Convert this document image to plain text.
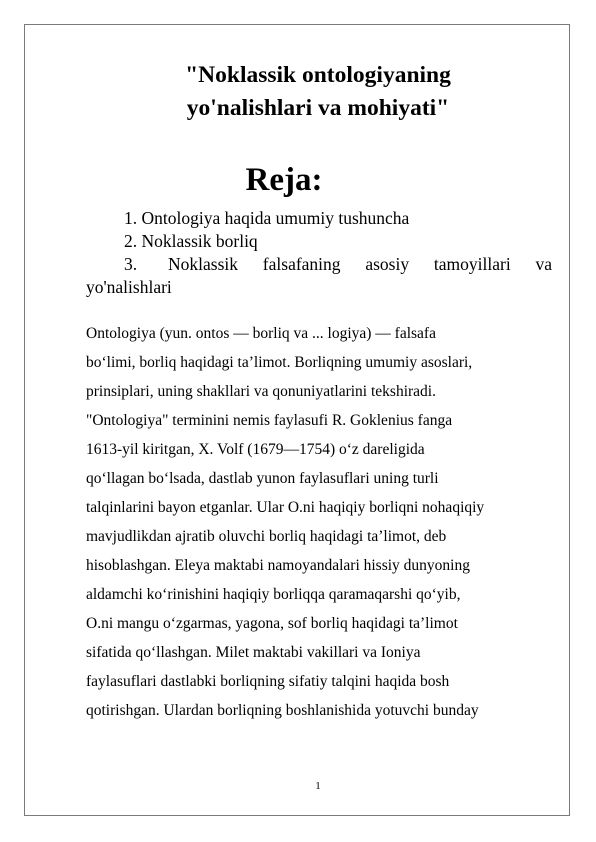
"Noklassik ontologiyaning
yo'nalishlari va mohiyati"
Reja:
1. Ontologiya haqida umumiy tushuncha
2. Noklassik borliq
3. Noklassik falsafaning asosiy tamoyillari va yo'nalishlari
Ontologiya (yun. ontos — borliq va ... logiya) — falsafa
bo‘limi, borliq haqidagi ta’limot. Borliqning umumiy asoslari,
prinsiplari, uning shakllari va qonuniyatlarini tekshiradi.
"Ontologiya" terminini nemis faylasufi R. Goklenius fanga
1613-yil kiritgan, X. Volf (1679—1754) o‘z dareligida
qo‘llagan bo‘lsada, dastlab yunon faylasuflari uning turli
talqinlarini bayon etganlar. Ular O.ni haqiqiy borliqni nohaqiqiy
mavjudlikdan ajratib oluvchi borliq haqidagi ta’limot, deb
hisoblashgan. Eleya maktabi namoyandalari hissiy dunyoning
aldamchi ko‘rinishini haqiqiy borliqqa qaramaqarshi qo‘yib,
O.ni mangu o‘zgarmas, yagona, sof borliq haqidagi ta’limot
sifatida qo‘llashgan. Milet maktabi vakillari va Ioniya
faylasuflari dastlabki borliqning sifatiy talqini haqida bosh
qotirishgan. Ulardan borliqning boshlanishida yotuvchi bunday
1
